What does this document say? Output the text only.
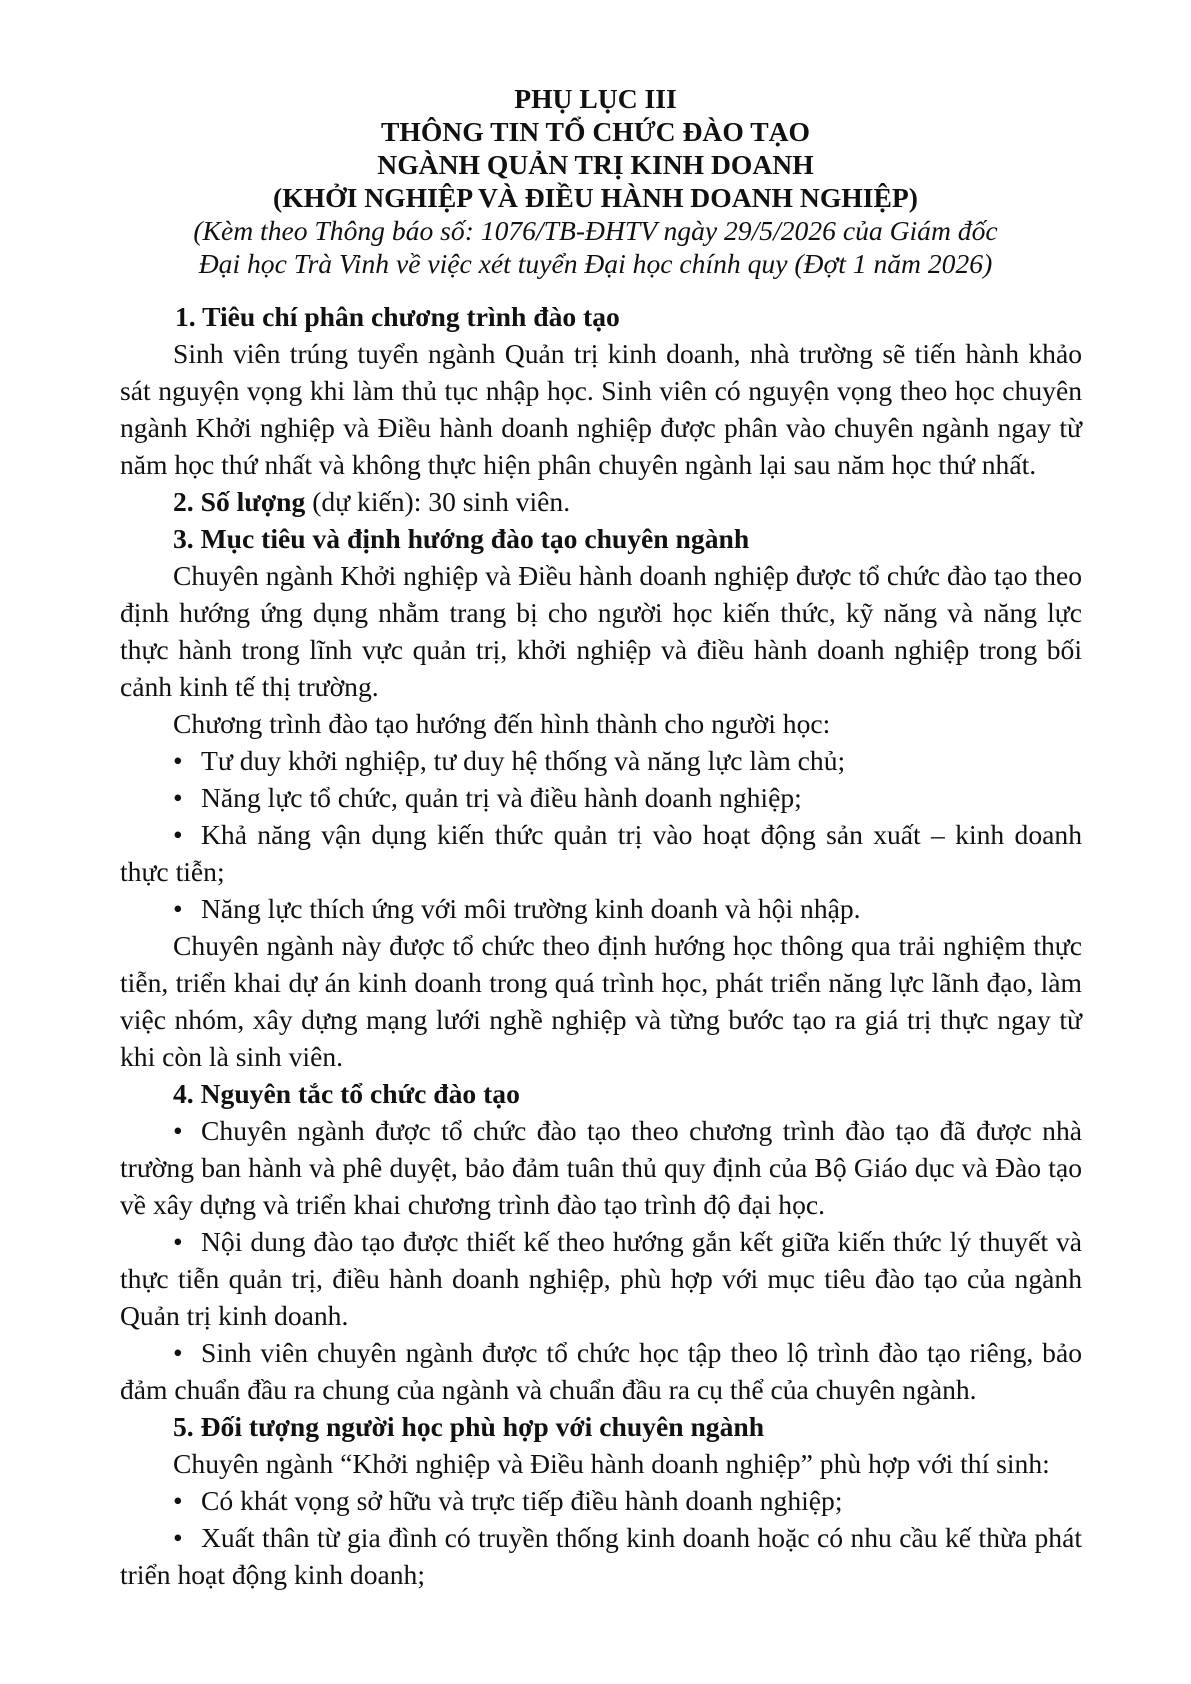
PHỤ LỤC III
THÔNG TIN TỔ CHỨC ĐÀO TẠO
NGÀNH QUẢN TRỊ KINH DOANH
(KHỞI NGHIỆP VÀ ĐIỀU HÀNH DOANH NGHIỆP)
(Kèm theo Thông báo số: 1076/TB-ĐHTV ngày 29/5/2026 của Giám đốc
Đại học Trà Vinh về việc xét tuyển Đại học chính quy (Đợt 1 năm 2026)

1. Tiêu chí phân chương trình đào tạo

Sinh viên trúng tuyển ngành Quản trị kinh doanh, nhà trường sẽ tiến hành khảo sát nguyện vọng khi làm thủ tục nhập học. Sinh viên có nguyện vọng theo học chuyên ngành Khởi nghiệp và Điều hành doanh nghiệp được phân vào chuyên ngành ngay từ năm học thứ nhất và không thực hiện phân chuyên ngành lại sau năm học thứ nhất.

2. Số lượng (dự kiến): 30 sinh viên.

3. Mục tiêu và định hướng đào tạo chuyên ngành

Chuyên ngành Khởi nghiệp và Điều hành doanh nghiệp được tổ chức đào tạo theo định hướng ứng dụng nhằm trang bị cho người học kiến thức, kỹ năng và năng lực thực hành trong lĩnh vực quản trị, khởi nghiệp và điều hành doanh nghiệp trong bối cảnh kinh tế thị trường.

Chương trình đào tạo hướng đến hình thành cho người học:

• Tư duy khởi nghiệp, tư duy hệ thống và năng lực làm chủ;

• Năng lực tổ chức, quản trị và điều hành doanh nghiệp;

• Khả năng vận dụng kiến thức quản trị vào hoạt động sản xuất – kinh doanh thực tiễn;

• Năng lực thích ứng với môi trường kinh doanh và hội nhập.

Chuyên ngành này được tổ chức theo định hướng học thông qua trải nghiệm thực tiễn, triển khai dự án kinh doanh trong quá trình học, phát triển năng lực lãnh đạo, làm việc nhóm, xây dựng mạng lưới nghề nghiệp và từng bước tạo ra giá trị thực ngay từ khi còn là sinh viên.

4. Nguyên tắc tổ chức đào tạo

• Chuyên ngành được tổ chức đào tạo theo chương trình đào tạo đã được nhà trường ban hành và phê duyệt, bảo đảm tuân thủ quy định của Bộ Giáo dục và Đào tạo về xây dựng và triển khai chương trình đào tạo trình độ đại học.

• Nội dung đào tạo được thiết kế theo hướng gắn kết giữa kiến thức lý thuyết và thực tiễn quản trị, điều hành doanh nghiệp, phù hợp với mục tiêu đào tạo của ngành Quản trị kinh doanh.

• Sinh viên chuyên ngành được tổ chức học tập theo lộ trình đào tạo riêng, bảo đảm chuẩn đầu ra chung của ngành và chuẩn đầu ra cụ thể của chuyên ngành.

5. Đối tượng người học phù hợp với chuyên ngành

Chuyên ngành “Khởi nghiệp và Điều hành doanh nghiệp” phù hợp với thí sinh:

• Có khát vọng sở hữu và trực tiếp điều hành doanh nghiệp;

• Xuất thân từ gia đình có truyền thống kinh doanh hoặc có nhu cầu kế thừa phát triển hoạt động kinh doanh;
